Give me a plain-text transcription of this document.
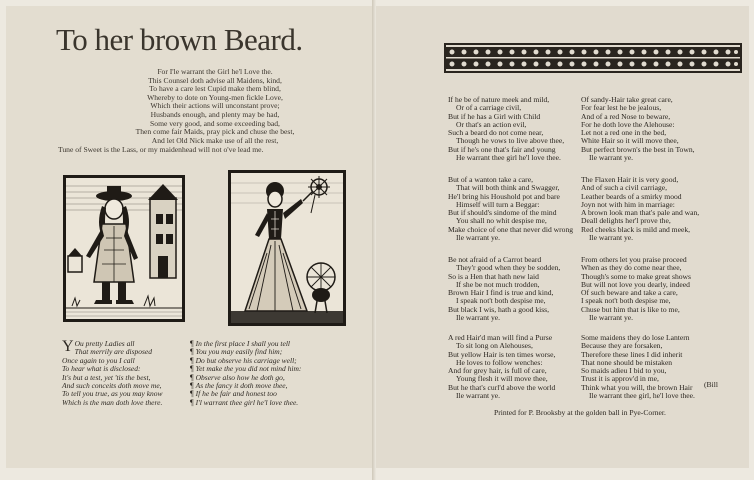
To her brown Beard.
For I'le warrant the Girl he'l Love the.
This Counsel doth advise all Maidens, kind,
To have a care lest Cupid make them blind,
Whereby to dote on Young-men fickle Love,
Which their actions will unconstant prove;
Husbands enough, and plenty may be had,
Some very good, and some exceeding bad,
Then come fair Maids, pray pick and chuse the best,
And let Old Nick make use of all the rest,
Tune of Sweet is the Lass, or my maidenhead will not o've lead me.
Y Ou pretty Ladies all
That merrily are disposed
Once again to you I call
To hear what is disclosed:
It's but a test, yet 'tis the best,
And such conceits doth move me,
To tell you true, as you may know
Which is the man doth love there.
¶ In the first place I shall you tell
¶ You you may easily find him;
¶ Do but observe his carriage well;
¶ Yet make the you did not mind him:
¶ Observe also how he doth go,
¶ As the fancy it doth move thee,
¶ If he be fair and honest too
¶ I'l warrant thee girl he'l love thee.
If he be of nature meek and mild,
Or of a carriage civil,
But if he has a Girl with Child
Or that's an action evil,
Such a beard do not come near,
Though he vows to live above thee,
But if he's one that's fair and young
He warrant thee girl he'l love thee.
But of a wanton take a care,
That will both think and Swagger,
He'l bring his Houshold pot and bare
Himself will turn a Beggar:
But if should's sindome of the mind
You shall no whit despise me,
Make choice of one that never did wrong
Ile warrant ye.
Be not afraid of a Carrot beard
They'r good when they be sodden,
So is a Hen that hath new laid
If she be not much trodden,
Brown Hair I find is true and kind,
I speak not't both despise me,
But black I wis, hath a good kiss,
Ile warrant ye.
A red Hair'd man will find a Purse
To sit long on Alehouses,
But yellow Hair is ten times worse,
He loves to follow wenches:
And for grey hair, is full of care,
Young flesh it will move thee,
But he that's curl'd above the world
Ile warrant ye.
Of sandy-Hair take great care,
For fear lest he be jealous,
And of a red Nose to beware,
For he doth love the Alehouse:
Let not a red one in the bed,
White Hair so it will move thee,
But perfect brown's the best in Town,
Ile warrant ye.
The Flaxen Hair it is very good,
And of such a civil carriage,
Leather beards of a smirky mood
Joyn not with him in marriage:
A brown look man that's pale and wan,
Deall delights her'l prove the,
Red cheeks black is mild and meek,
Ile warrant ye.
From others let you praise proceed
When as they do come near thee,
Though's some to make great shows
But will not love you dearly, indeed
Of such beware and take a care,
I speak not't both despise me,
Chuse but him that is like to me,
Ile warrant ye.
Some maidens they do lose Lantern
Because they are forsaken,
Therefore these lines I did inherit
That none should be mistaken
So maids adieu I bid to you,
Trust it is approv'd in me,
Think what you will, the brown Hair
Ile warrant thee girl, he'l love thee.
(Bill
Printed for P. Brooksby at the golden ball in Pye-Corner.
